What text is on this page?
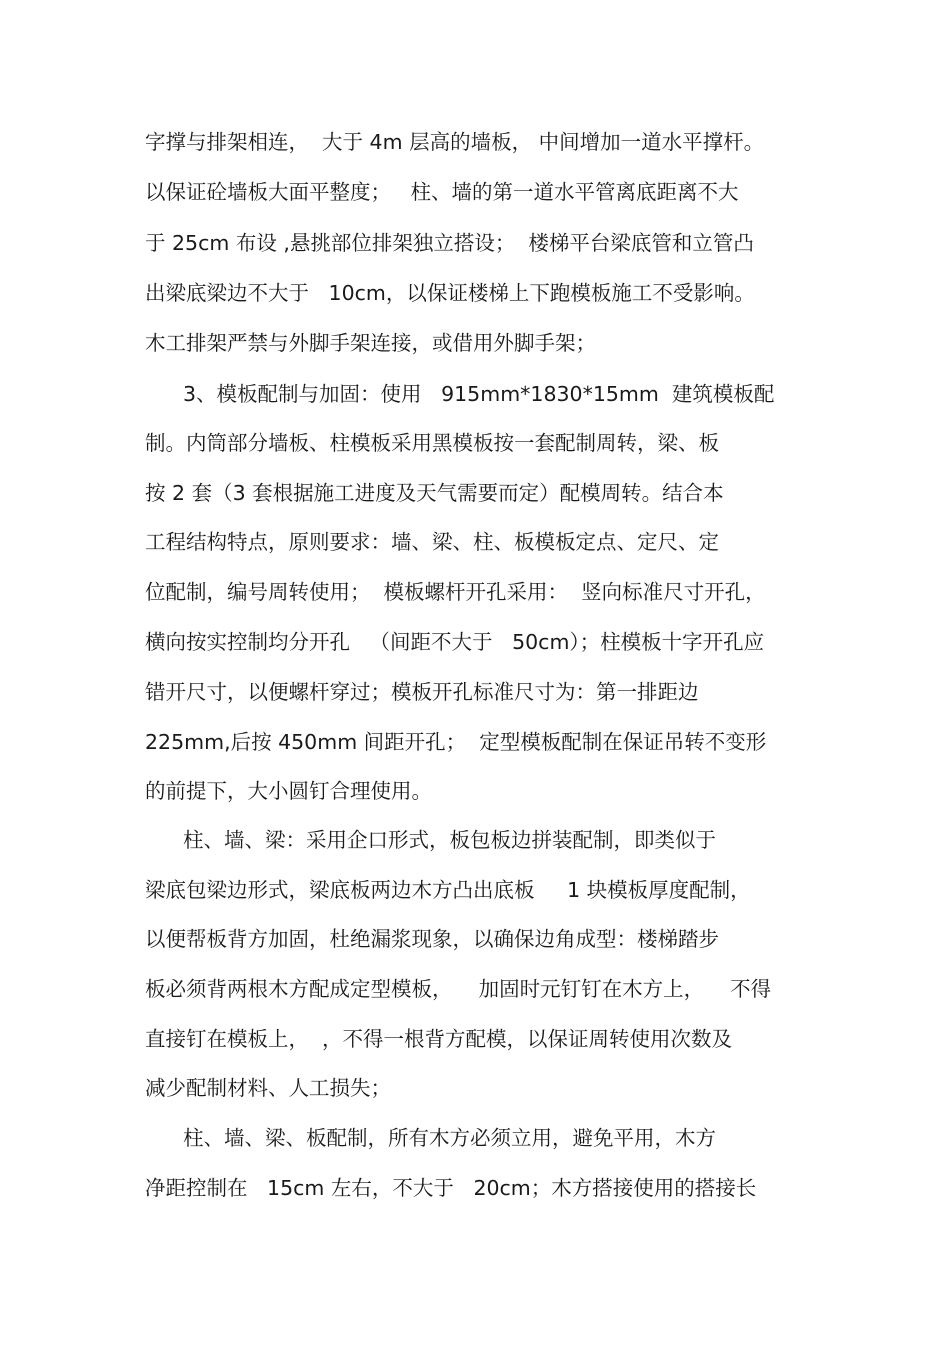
字撑与排架相连，  大于 4m 层高的墙板， 中间增加一道水平撑杆。
以保证砼墙板大面平整度；   柱、墙的第一道水平管离底距离不大
于 25cm 布设 ,悬挑部位排架独立搭设；  楼梯平台梁底管和立管凸
出梁底梁边不大于   10cm，以保证楼梯上下跑模板施工不受影响。
木工排架严禁与外脚手架连接，或借用外脚手架；
3、模板配制与加固：使用   915mm*1830*15mm  建筑模板配
制。内筒部分墙板、柱模板采用黑模板按一套配制周转，梁、板
按 2 套（3 套根据施工进度及天气需要而定）配模周转。结合本
工程结构特点，原则要求：墙、梁、柱、板模板定点、定尺、定
位配制，编号周转使用；  模板螺杆开孔采用：  竖向标准尺寸开孔，
横向按实控制均分开孔   （间距不大于   50cm）；柱模板十字开孔应
错开尺寸，以便螺杆穿过；模板开孔标准尺寸为：第一排距边
225mm,后按 450mm 间距开孔；  定型模板配制在保证吊转不变形
的前提下，大小圆钉合理使用。
柱、墙、梁：采用企口形式，板包板边拼装配制，即类似于
梁底包梁边形式，梁底板两边木方凸出底板     1 块模板厚度配制，
以便帮板背方加固，杜绝漏浆现象，以确保边角成型：楼梯踏步
板必须背两根木方配成定型模板，    加固时元钉钉在木方上，    不得
直接钉在模板上，  ，不得一根背方配模，以保证周转使用次数及
减少配制材料、人工损失；
柱、墙、梁、板配制，所有木方必须立用，避免平用，木方
净距控制在   15cm 左右，不大于   20cm；木方搭接使用的搭接长
